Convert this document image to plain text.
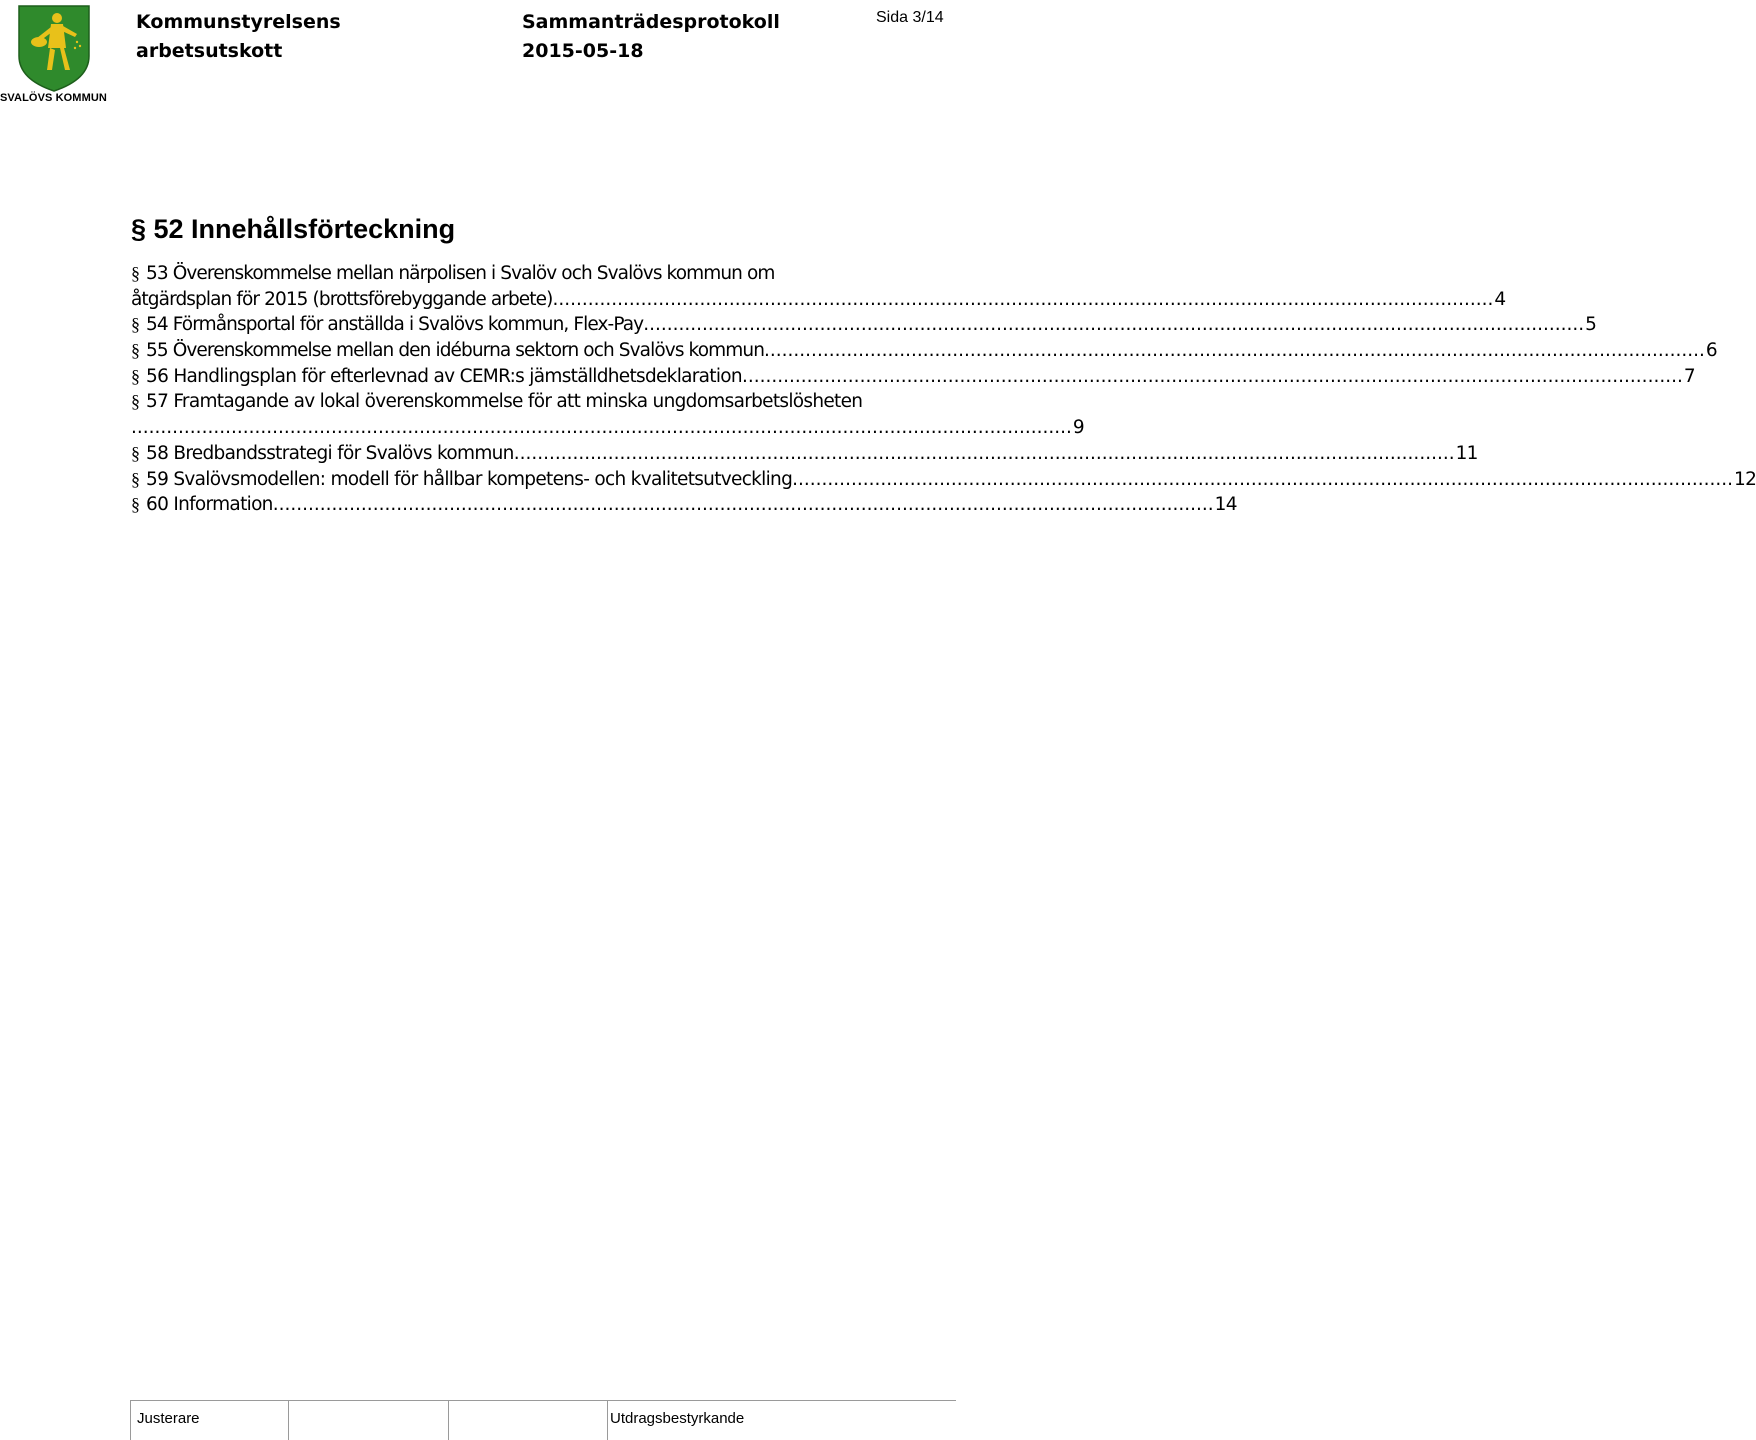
SVALÖVS KOMMUN
Kommunstyrelsens
arbetsutskott
Sammanträdesprotokoll
2015-05-18
Sida 3/14
§ 52 Innehållsförteckning
§ 53 Överenskommelse mellan närpolisen i Svalöv och Svalövs kommun om
åtgärdsplan för 2015 (brottsförebyggande arbete) ................................................................................................................................................................ 4
§ 54 Förmånsportal för anställda i Svalövs kommun, Flex-Pay ................................................................................................................................................................ 5
§ 55 Överenskommelse mellan den idéburna sektorn och Svalövs kommun ................................................................................................................................................................ 6
§ 56 Handlingsplan för efterlevnad av CEMR:s jämställdhetsdeklaration ................................................................................................................................................................ 7
§ 57 Framtagande av lokal överenskommelse för att minska ungdomsarbetslösheten
................................................................................................................................................................ 9
§ 58 Bredbandsstrategi för Svalövs kommun ................................................................................................................................................................ 11
§ 59 Svalövsmodellen: modell för hållbar kompetens- och kvalitetsutveckling ................................................................................................................................................................ 12
§ 60 Information ................................................................................................................................................................ 14
Justerare	Utdragsbestyrkande
